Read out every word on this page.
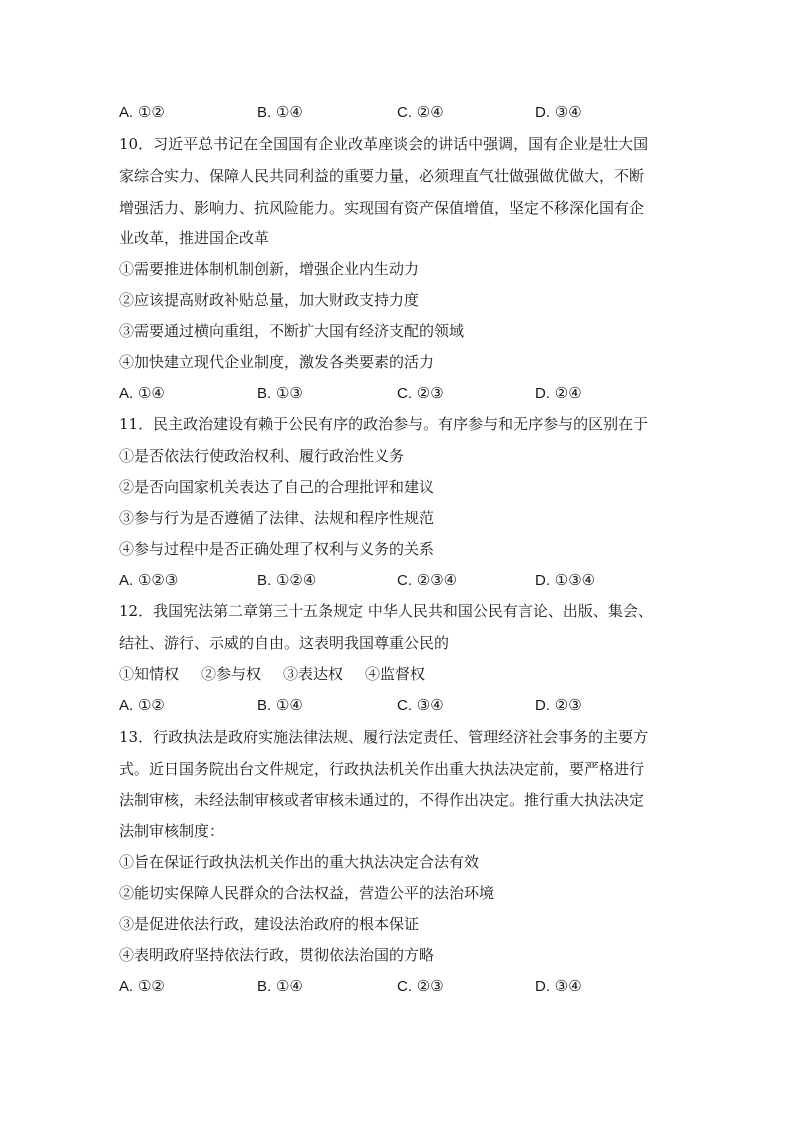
A. ①②	B. ①④	C. ②④	D. ③④
10．习近平总书记在全国国有企业改革座谈会的讲话中强调，国有企业是壮大国
家综合实力、保障人民共同利益的重要力量，必须理直气壮做强做优做大，不断
增强活力、影响力、抗风险能力。实现国有资产保值增值，坚定不移深化国有企
业改革，推进国企改革
①需要推进体制机制创新，增强企业内生动力
②应该提高财政补贴总量，加大财政支持力度
③需要通过横向重组，不断扩大国有经济支配的领域
④加快建立现代企业制度，激发各类要素的活力
A. ①④	B. ①③	C. ②③	D. ②④
11．民主政治建设有赖于公民有序的政治参与。有序参与和无序参与的区别在于
①是否依法行使政治权利、履行政治性义务
②是否向国家机关表达了自己的合理批评和建议
③参与行为是否遵循了法律、法规和程序性规范
④参与过程中是否正确处理了权利与义务的关系
A. ①②③	B. ①②④	C. ②③④	D. ①③④
12．我国宪法第二章第三十五条规定 中华人民共和国公民有言论、出版、集会、
结社、游行、示威的自由。这表明我国尊重公民的
①知情权 ②参与权 ③表达权 ④监督权
A. ①②	B. ①④	C. ③④	D. ②③
13．行政执法是政府实施法律法规、履行法定责任、管理经济社会事务的主要方
式。近日国务院出台文件规定，行政执法机关作出重大执法决定前，要严格进行
法制审核，未经法制审核或者审核未通过的，不得作出决定。推行重大执法决定
法制审核制度：
①旨在保证行政执法机关作出的重大执法决定合法有效
②能切实保障人民群众的合法权益，营造公平的法治环境
③是促进依法行政，建设法治政府的根本保证
④表明政府坚持依法行政，贯彻依法治国的方略
A. ①②	B. ①④	C. ②③	D. ③④
